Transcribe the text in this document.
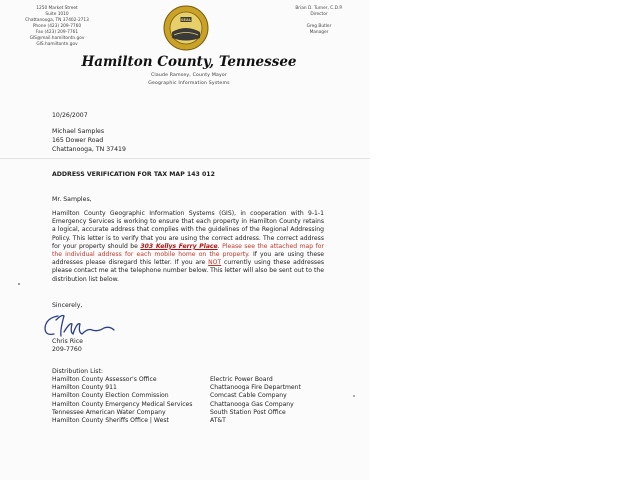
1250 Market Street
Suite 1010
Chattanooga, TN 37402-2713
Phone (423) 209-7760
Fax (423) 209-7761
GIS@mail.hamiltontn.gov
GIS.hamiltontn.gov
SEAL
Brian D. Turner, C.D.P.
Director
Greg Butler
Manager
Hamilton County, Tennessee
Claude Ramsey, County Mayor
Geographic Information Systems
10/26/2007
Michael Samples
165 Dower Road
Chattanooga, TN 37419
ADDRESS VERIFICATION FOR TAX MAP 143 012
Mr. Samples,
Hamilton County Geographic Information Systems (GIS), in cooperation with 9-1-1 Emergency Services is working to ensure that each property in Hamilton County retains a logical, accurate address that complies with the guidelines of the Regional Addressing Policy. This letter is to verify that you are using the correct address. The correct address for your property should be 303 Kellys Ferry Place. Please see the attached map for the individual address for each mobile home on the property. If you are using these addresses please disregard this letter. If you are NOT currently using these addresses please contact me at the telephone number below. This letter will also be sent out to the distribution list below.
Sincerely,
Chris Rice
209-7760
Distribution List:
Hamilton County Assessor's Office
Hamilton County 911
Hamilton County Election Commission
Hamilton County Emergency Medical Services
Tennessee American Water Company
Hamilton County Sheriffs Office | West
Electric Power Board
Chattanooga Fire Department
Comcast Cable Company
Chattanooga Gas Company
South Station Post Office
AT&T
